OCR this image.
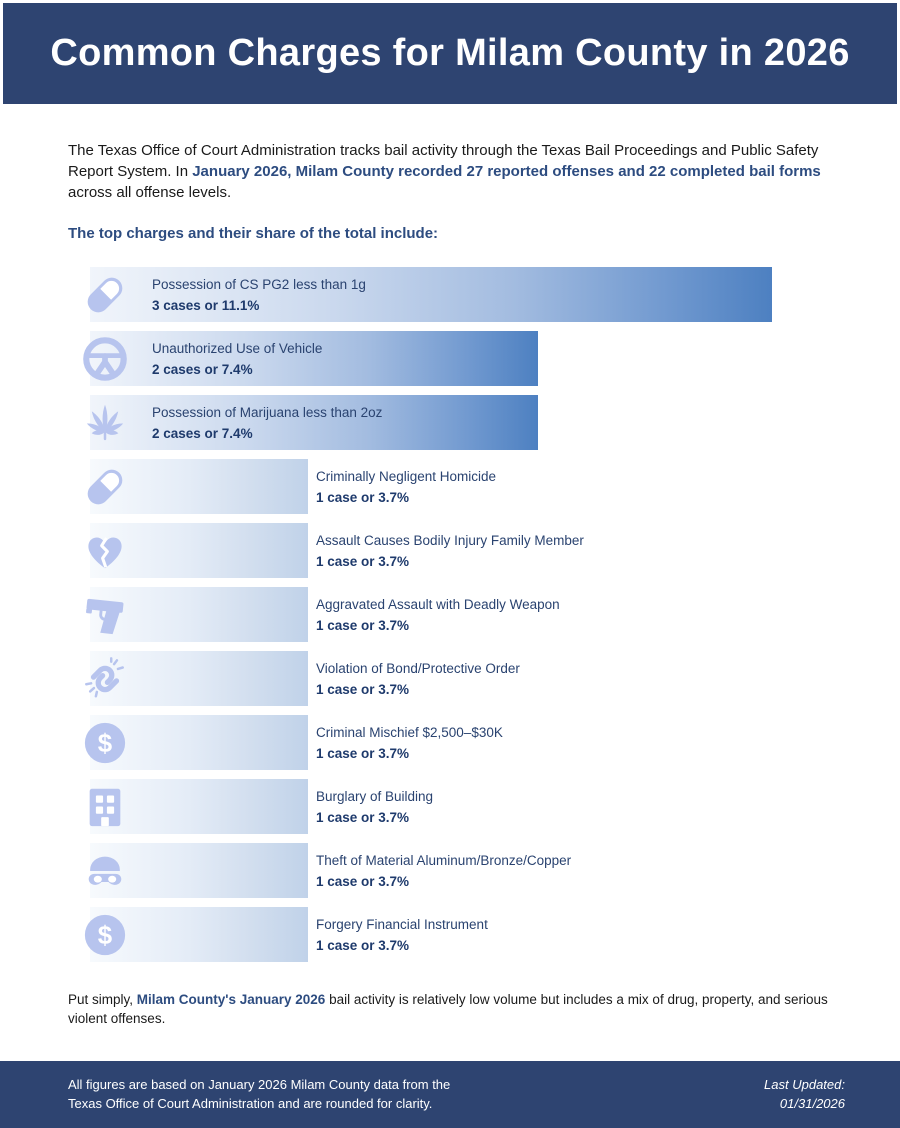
Common Charges for Milam County in 2026

The Texas Office of Court Administration tracks bail activity through the Texas Bail Proceedings and Public Safety Report System. In January 2026, Milam County recorded 27 reported offenses and 22 completed bail forms across all offense levels.

The top charges and their share of the total include:

Possession of CS PG2 less than 1g
3 cases or 11.1%
Unauthorized Use of Vehicle
2 cases or 7.4%
Possession of Marijuana less than 2oz
2 cases or 7.4%
Criminally Negligent Homicide
1 case or 3.7%
Assault Causes Bodily Injury Family Member
1 case or 3.7%
Aggravated Assault with Deadly Weapon
1 case or 3.7%
Violation of Bond/Protective Order
1 case or 3.7%
Criminal Mischief $2,500–$30K
1 case or 3.7%
Burglary of Building
1 case or 3.7%
Theft of Material Aluminum/Bronze/Copper
1 case or 3.7%
Forgery Financial Instrument
1 case or 3.7%

Put simply, Milam County's January 2026 bail activity is relatively low volume but includes a mix of drug, property, and serious violent offenses.

All figures are based on January 2026 Milam County data from the
Texas Office of Court Administration and are rounded for clarity.
Last Updated:
01/31/2026
